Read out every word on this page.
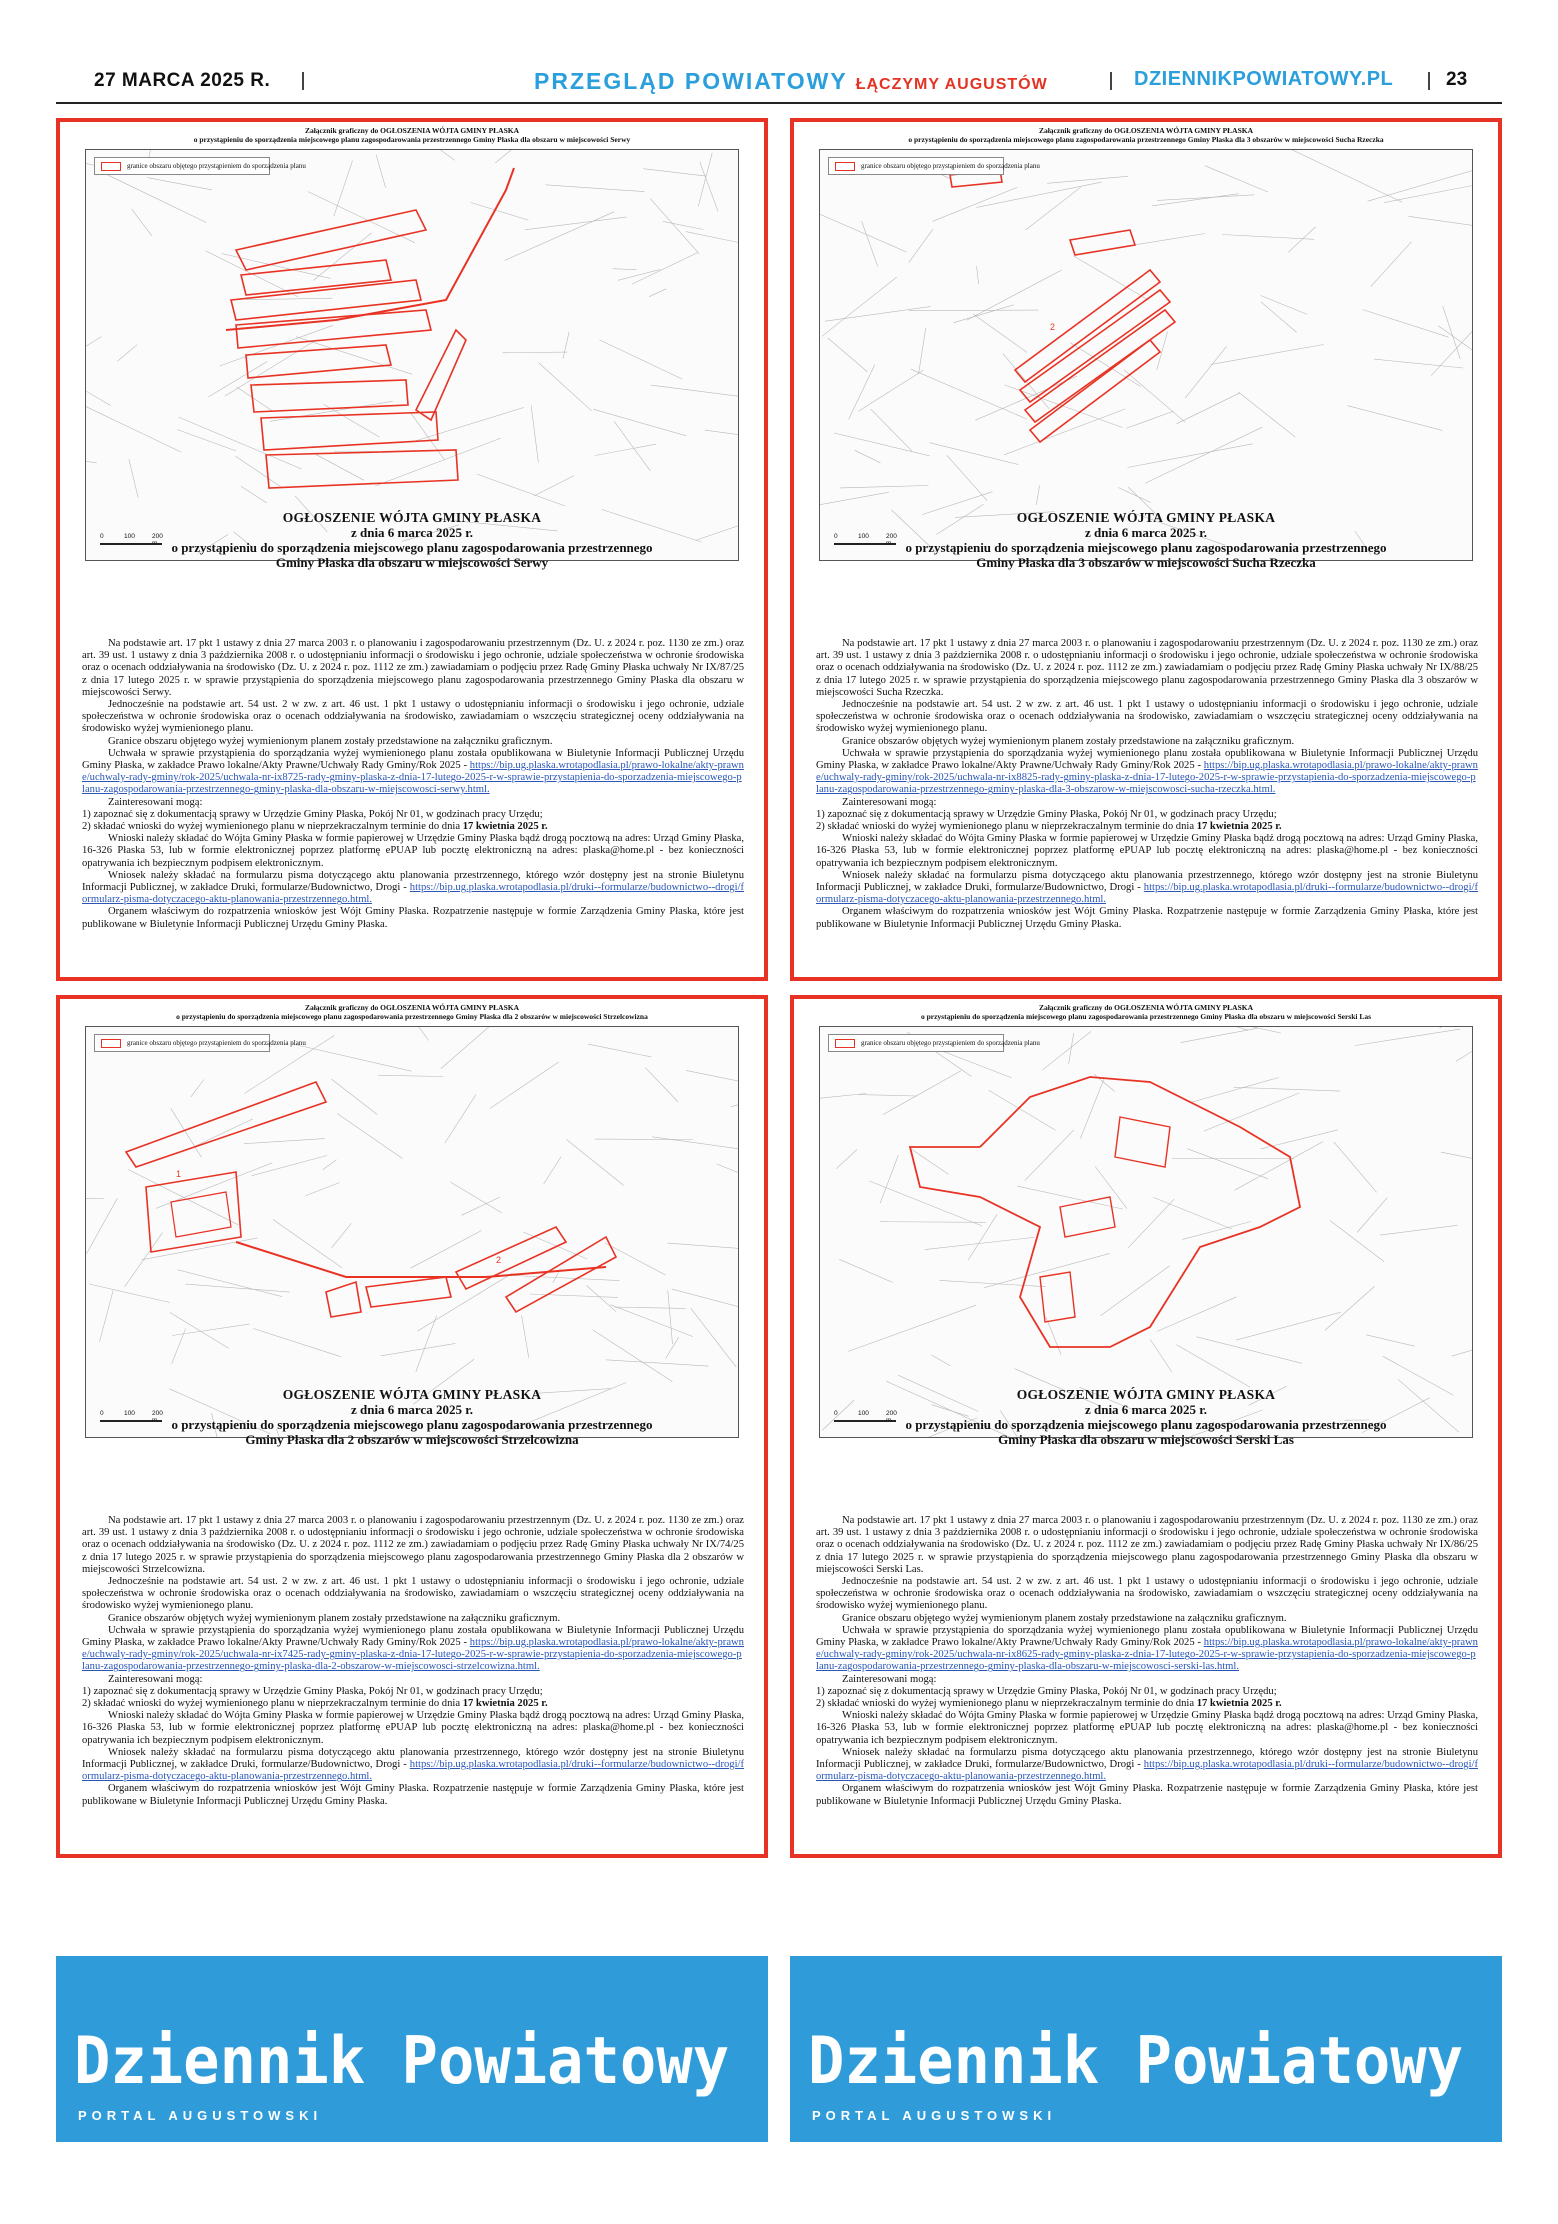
27 MARCA 2025 R.	PRZEGLĄD POWIATOWY ŁĄCZYMY AUGUSTÓW	DZIENNIKPOWIATOWY.PL	23
Załącznik graficzny do OGŁOSZENIA WÓJTA GMINY PŁASKA
o przystąpieniu do sporządzenia miejscowego planu zagospodarowania przestrzennego Gminy Płaska dla obszaru w miejscowości Serwy
granice obszaru objętego przystąpieniem do sporządzenia planu
0	100	200
OGŁOSZENIE WÓJTA GMINY PŁASKA
z dnia 6 marca 2025 r.
o przystąpieniu do sporządzenia miejscowego planu zagospodarowania przestrzennego
Gminy Płaska dla obszaru w miejscowości Serwy

Na podstawie art. 17 pkt 1 ustawy z dnia 27 marca 2003 r. o planowaniu i zagospodarowaniu przestrzennym (Dz. U. z 2024 r. poz. 1130 ze zm.) oraz art. 39 ust. 1 ustawy z dnia 3 października 2008 r. o udostępnianiu informacji o środowisku i jego ochronie, udziale społeczeństwa w ochronie środowiska oraz o ocenach oddziaływania na środowisko (Dz. U. z 2024 r. poz. 1112 ze zm.) zawiadamiam o podjęciu przez Radę Gminy Płaska uchwały Nr IX/87/25 z dnia 17 lutego 2025 r. w sprawie przystąpienia do sporządzenia miejscowego planu zagospodarowania przestrzennego Gminy Płaska dla obszaru w miejscowości Serwy.

Jednocześnie na podstawie art. 54 ust. 2 w zw. z art. 46 ust. 1 pkt 1 ustawy o udostępnianiu informacji o środowisku i jego ochronie, udziale społeczeństwa w ochronie środowiska oraz o ocenach oddziaływania na środowisko, zawiadamiam o wszczęciu strategicznej oceny oddziaływania na środowisko wyżej wymienionego planu.

Granice obszaru objętego wyżej wymienionym planem zostały przedstawione na załączniku graficznym.

Uchwała w sprawie przystąpienia do sporządzania wyżej wymienionego planu została opublikowana w Biuletynie Informacji Publicznej Urzędu Gminy Płaska, w zakładce Prawo lokalne/Akty Prawne/Uchwały Rady Gminy/Rok 2025 - https://bip.ug.plaska.wrotapodlasia.pl/prawo-lokalne/akty-prawne/uchwaly-rady-gminy/rok-2025/uchwala-nr-ix8725-rady-gminy-plaska-z-dnia-17-lutego-2025-r-w-sprawie-przystapienia-do-sporzadzenia-miejscowego-planu-zagospodarowania-przestrzennego-gminy-plaska-dla-obszaru-w-miejscowosci-serwy.html.

Zainteresowani mogą:

1) zapoznać się z dokumentacją sprawy w Urzędzie Gminy Płaska, Pokój Nr 01, w godzinach pracy Urzędu;

2) składać wnioski do wyżej wymienionego planu w nieprzekraczalnym terminie do dnia 17 kwietnia 2025 r.

Wnioski należy składać do Wójta Gminy Płaska w formie papierowej w Urzędzie Gminy Płaska bądź drogą pocztową na adres: Urząd Gminy Płaska, 16-326 Płaska 53, lub w formie elektronicznej poprzez platformę ePUAP lub pocztę elektroniczną na adres: plaska@home.pl - bez konieczności opatrywania ich bezpiecznym podpisem elektronicznym.

Wniosek należy składać na formularzu pisma dotyczącego aktu planowania przestrzennego, którego wzór dostępny jest na stronie Biuletynu Informacji Publicznej, w zakładce Druki, formularze/Budownictwo, Drogi - https://bip.ug.plaska.wrotapodlasia.pl/druki--formularze/budownictwo--drogi/formularz-pisma-dotyczacego-aktu-planowania-przestrzennego.html.

Organem właściwym do rozpatrzenia wniosków jest Wójt Gminy Płaska. Rozpatrzenie następuje w formie Zarządzenia Gminy Płaska, które jest publikowane w Biuletynie Informacji Publicznej Urzędu Gminy Płaska.

Załącznik graficzny do OGŁOSZENIA WÓJTA GMINY PŁASKA
o przystąpieniu do sporządzenia miejscowego planu zagospodarowania przestrzennego Gminy Płaska dla 3 obszarów w miejscowości Sucha Rzeczka
2
granice obszaru objętego przystąpieniem do sporządzenia planu
0	100	200
OGŁOSZENIE WÓJTA GMINY PŁASKA
z dnia 6 marca 2025 r.
o przystąpieniu do sporządzenia miejscowego planu zagospodarowania przestrzennego
Gminy Płaska dla 3 obszarów w miejscowości Sucha Rzeczka

Na podstawie art. 17 pkt 1 ustawy z dnia 27 marca 2003 r. o planowaniu i zagospodarowaniu przestrzennym (Dz. U. z 2024 r. poz. 1130 ze zm.) oraz art. 39 ust. 1 ustawy z dnia 3 października 2008 r. o udostępnianiu informacji o środowisku i jego ochronie, udziale społeczeństwa w ochronie środowiska oraz o ocenach oddziaływania na środowisko (Dz. U. z 2024 r. poz. 1112 ze zm.) zawiadamiam o podjęciu przez Radę Gminy Płaska uchwały Nr IX/88/25 z dnia 17 lutego 2025 r. w sprawie przystąpienia do sporządzenia miejscowego planu zagospodarowania przestrzennego Gminy Płaska dla 3 obszarów w miejscowości Sucha Rzeczka.

Jednocześnie na podstawie art. 54 ust. 2 w zw. z art. 46 ust. 1 pkt 1 ustawy o udostępnianiu informacji o środowisku i jego ochronie, udziale społeczeństwa w ochronie środowiska oraz o ocenach oddziaływania na środowisko, zawiadamiam o wszczęciu strategicznej oceny oddziaływania na środowisko wyżej wymienionego planu.

Granice obszarów objętych wyżej wymienionym planem zostały przedstawione na załączniku graficznym.

Uchwała w sprawie przystąpienia do sporządzania wyżej wymienionego planu została opublikowana w Biuletynie Informacji Publicznej Urzędu Gminy Płaska, w zakładce Prawo lokalne/Akty Prawne/Uchwały Rady Gminy/Rok 2025 - https://bip.ug.plaska.wrotapodlasia.pl/prawo-lokalne/akty-prawne/uchwaly-rady-gminy/rok-2025/uchwala-nr-ix8825-rady-gminy-plaska-z-dnia-17-lutego-2025-r-w-sprawie-przystapienia-do-sporzadzenia-miejscowego-planu-zagospodarowania-przestrzennego-gminy-plaska-dla-3-obszarow-w-miejscowosci-sucha-rzeczka.html.

Zainteresowani mogą:

1) zapoznać się z dokumentacją sprawy w Urzędzie Gminy Płaska, Pokój Nr 01, w godzinach pracy Urzędu;

2) składać wnioski do wyżej wymienionego planu w nieprzekraczalnym terminie do dnia 17 kwietnia 2025 r.

Wnioski należy składać do Wójta Gminy Płaska w formie papierowej w Urzędzie Gminy Płaska bądź drogą pocztową na adres: Urząd Gminy Płaska, 16-326 Płaska 53, lub w formie elektronicznej poprzez platformę ePUAP lub pocztę elektroniczną na adres: plaska@home.pl - bez konieczności opatrywania ich bezpiecznym podpisem elektronicznym.

Wniosek należy składać na formularzu pisma dotyczącego aktu planowania przestrzennego, którego wzór dostępny jest na stronie Biuletynu Informacji Publicznej, w zakładce Druki, formularze/Budownictwo, Drogi - https://bip.ug.plaska.wrotapodlasia.pl/druki--formularze/budownictwo--drogi/formularz-pisma-dotyczacego-aktu-planowania-przestrzennego.html.

Organem właściwym do rozpatrzenia wniosków jest Wójt Gminy Płaska. Rozpatrzenie następuje w formie Zarządzenia Gminy Płaska, które jest publikowane w Biuletynie Informacji Publicznej Urzędu Gminy Płaska.

Załącznik graficzny do OGŁOSZENIA WÓJTA GMINY PŁASKA
o przystąpieniu do sporządzenia miejscowego planu zagospodarowania przestrzennego Gminy Płaska dla 2 obszarów w miejscowości Strzelcowizna
1
2
granice obszaru objętego przystąpieniem do sporządzenia planu
0	100	200
OGŁOSZENIE WÓJTA GMINY PŁASKA
z dnia 6 marca 2025 r.
o przystąpieniu do sporządzenia miejscowego planu zagospodarowania przestrzennego
Gminy Płaska dla 2 obszarów w miejscowości Strzelcowizna

Na podstawie art. 17 pkt 1 ustawy z dnia 27 marca 2003 r. o planowaniu i zagospodarowaniu przestrzennym (Dz. U. z 2024 r. poz. 1130 ze zm.) oraz art. 39 ust. 1 ustawy z dnia 3 października 2008 r. o udostępnianiu informacji o środowisku i jego ochronie, udziale społeczeństwa w ochronie środowiska oraz o ocenach oddziaływania na środowisko (Dz. U. z 2024 r. poz. 1112 ze zm.) zawiadamiam o podjęciu przez Radę Gminy Płaska uchwały Nr IX/74/25 z dnia 17 lutego 2025 r. w sprawie przystąpienia do sporządzenia miejscowego planu zagospodarowania przestrzennego Gminy Płaska dla 2 obszarów w miejscowości Strzelcowizna.

Jednocześnie na podstawie art. 54 ust. 2 w zw. z art. 46 ust. 1 pkt 1 ustawy o udostępnianiu informacji o środowisku i jego ochronie, udziale społeczeństwa w ochronie środowiska oraz o ocenach oddziaływania na środowisko, zawiadamiam o wszczęciu strategicznej oceny oddziaływania na środowisko wyżej wymienionego planu.

Granice obszarów objętych wyżej wymienionym planem zostały przedstawione na załączniku graficznym.

Uchwała w sprawie przystąpienia do sporządzania wyżej wymienionego planu została opublikowana w Biuletynie Informacji Publicznej Urzędu Gminy Płaska, w zakładce Prawo lokalne/Akty Prawne/Uchwały Rady Gminy/Rok 2025 - https://bip.ug.plaska.wrotapodlasia.pl/prawo-lokalne/akty-prawne/uchwaly-rady-gminy/rok-2025/uchwala-nr-ix7425-rady-gminy-plaska-z-dnia-17-lutego-2025-r-w-sprawie-przystapienia-do-sporzadzenia-miejscowego-planu-zagospodarowania-przestrzennego-gminy-plaska-dla-2-obszarow-w-miejscowosci-strzelcowizna.html.

Zainteresowani mogą:

1) zapoznać się z dokumentacją sprawy w Urzędzie Gminy Płaska, Pokój Nr 01, w godzinach pracy Urzędu;

2) składać wnioski do wyżej wymienionego planu w nieprzekraczalnym terminie do dnia 17 kwietnia 2025 r.

Wnioski należy składać do Wójta Gminy Płaska w formie papierowej w Urzędzie Gminy Płaska bądź drogą pocztową na adres: Urząd Gminy Płaska, 16-326 Płaska 53, lub w formie elektronicznej poprzez platformę ePUAP lub pocztę elektroniczną na adres: plaska@home.pl - bez konieczności opatrywania ich bezpiecznym podpisem elektronicznym.

Wniosek należy składać na formularzu pisma dotyczącego aktu planowania przestrzennego, którego wzór dostępny jest na stronie Biuletynu Informacji Publicznej, w zakładce Druki, formularze/Budownictwo, Drogi - https://bip.ug.plaska.wrotapodlasia.pl/druki--formularze/budownictwo--drogi/formularz-pisma-dotyczacego-aktu-planowania-przestrzennego.html.

Organem właściwym do rozpatrzenia wniosków jest Wójt Gminy Płaska. Rozpatrzenie następuje w formie Zarządzenia Gminy Płaska, które jest publikowane w Biuletynie Informacji Publicznej Urzędu Gminy Płaska.

Załącznik graficzny do OGŁOSZENIA WÓJTA GMINY PŁASKA
o przystąpieniu do sporządzenia miejscowego planu zagospodarowania przestrzennego Gminy Płaska dla obszaru w miejscowości Serski Las
granice obszaru objętego przystąpieniem do sporządzenia planu
0	100	200
OGŁOSZENIE WÓJTA GMINY PŁASKA
z dnia 6 marca 2025 r.
o przystąpieniu do sporządzenia miejscowego planu zagospodarowania przestrzennego
Gminy Płaska dla obszaru w miejscowości Serski Las

Na podstawie art. 17 pkt 1 ustawy z dnia 27 marca 2003 r. o planowaniu i zagospodarowaniu przestrzennym (Dz. U. z 2024 r. poz. 1130 ze zm.) oraz art. 39 ust. 1 ustawy z dnia 3 października 2008 r. o udostępnianiu informacji o środowisku i jego ochronie, udziale społeczeństwa w ochronie środowiska oraz o ocenach oddziaływania na środowisko (Dz. U. z 2024 r. poz. 1112 ze zm.) zawiadamiam o podjęciu przez Radę Gminy Płaska uchwały Nr IX/86/25 z dnia 17 lutego 2025 r. w sprawie przystąpienia do sporządzenia miejscowego planu zagospodarowania przestrzennego Gminy Płaska dla obszaru w miejscowości Serski Las.

Jednocześnie na podstawie art. 54 ust. 2 w zw. z art. 46 ust. 1 pkt 1 ustawy o udostępnianiu informacji o środowisku i jego ochronie, udziale społeczeństwa w ochronie środowiska oraz o ocenach oddziaływania na środowisko, zawiadamiam o wszczęciu strategicznej oceny oddziaływania na środowisko wyżej wymienionego planu.

Granice obszaru objętego wyżej wymienionym planem zostały przedstawione na załączniku graficznym.

Uchwała w sprawie przystąpienia do sporządzania wyżej wymienionego planu została opublikowana w Biuletynie Informacji Publicznej Urzędu Gminy Płaska, w zakładce Prawo lokalne/Akty Prawne/Uchwały Rady Gminy/Rok 2025 - https://bip.ug.plaska.wrotapodlasia.pl/prawo-lokalne/akty-prawne/uchwaly-rady-gminy/rok-2025/uchwala-nr-ix8625-rady-gminy-plaska-z-dnia-17-lutego-2025-r-w-sprawie-przystapienia-do-sporzadzenia-miejscowego-planu-zagospodarowania-przestrzennego-gminy-plaska-dla-obszaru-w-miejscowosci-serski-las.html.

Zainteresowani mogą:

1) zapoznać się z dokumentacją sprawy w Urzędzie Gminy Płaska, Pokój Nr 01, w godzinach pracy Urzędu;

2) składać wnioski do wyżej wymienionego planu w nieprzekraczalnym terminie do dnia 17 kwietnia 2025 r.

Wnioski należy składać do Wójta Gminy Płaska w formie papierowej w Urzędzie Gminy Płaska bądź drogą pocztową na adres: Urząd Gminy Płaska, 16-326 Płaska 53, lub w formie elektronicznej poprzez platformę ePUAP lub pocztę elektroniczną na adres: plaska@home.pl - bez konieczności opatrywania ich bezpiecznym podpisem elektronicznym.

Wniosek należy składać na formularzu pisma dotyczącego aktu planowania przestrzennego, którego wzór dostępny jest na stronie Biuletynu Informacji Publicznej, w zakładce Druki, formularze/Budownictwo, Drogi - https://bip.ug.plaska.wrotapodlasia.pl/druki--formularze/budownictwo--drogi/formularz-pisma-dotyczacego-aktu-planowania-przestrzennego.html.

Organem właściwym do rozpatrzenia wniosków jest Wójt Gminy Płaska. Rozpatrzenie następuje w formie Zarządzenia Gminy Płaska, które jest publikowane w Biuletynie Informacji Publicznej Urzędu Gminy Płaska.

Dziennik Powiatowy
PORTAL AUGUSTOWSKI
Dziennik Powiatowy
PORTAL AUGUSTOWSKI
